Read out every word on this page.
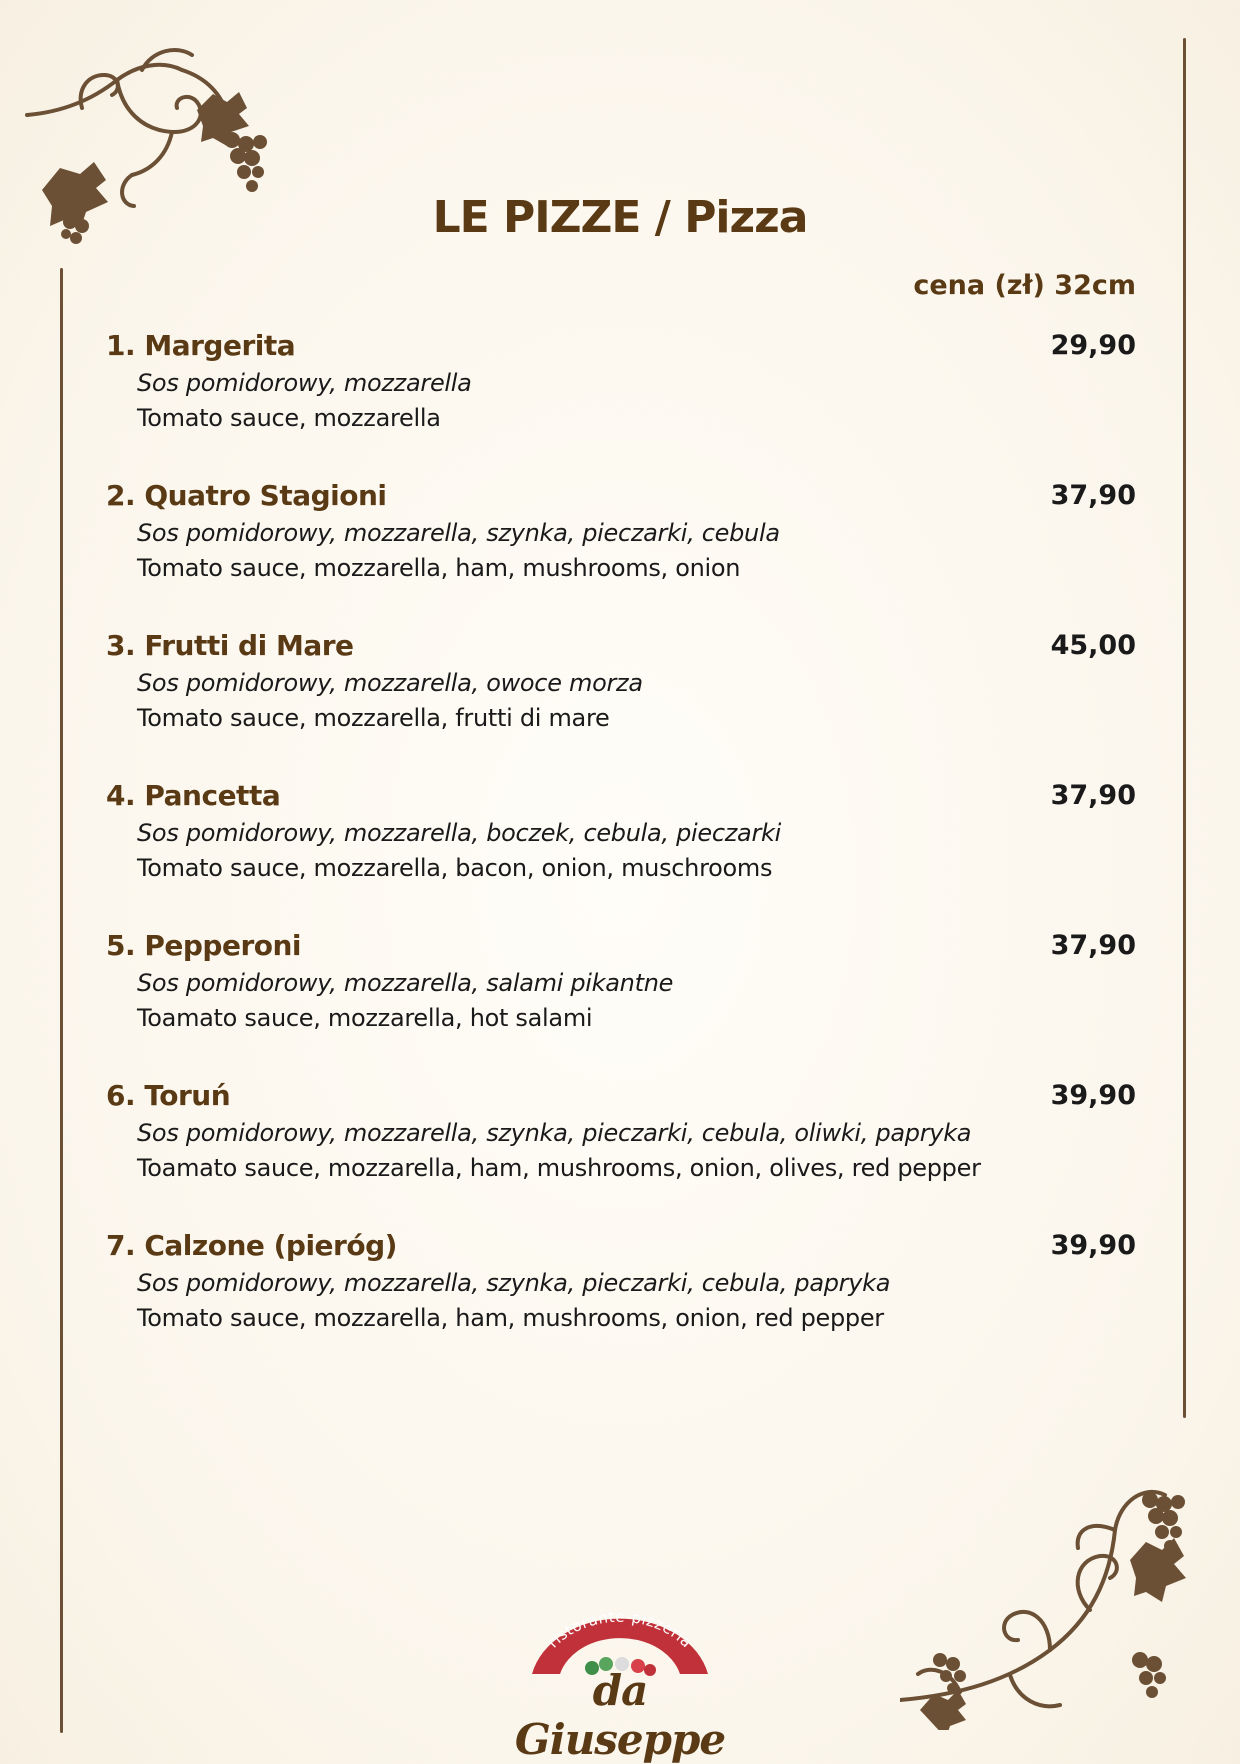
LE PIZZE / Pizza
cena (zł) 32cm
1. Margerita	29,90
Sos pomidorowy, mozzarella
Tomato sauce, mozzarella
2. Quatro Stagioni	37,90
Sos pomidorowy, mozzarella, szynka, pieczarki, cebula
Tomato sauce, mozzarella, ham, mushrooms, onion
3. Frutti di Mare	45,00
Sos pomidorowy, mozzarella, owoce morza
Tomato sauce, mozzarella, frutti di mare
4. Pancetta	37,90
Sos pomidorowy, mozzarella, boczek, cebula, pieczarki
Tomato sauce, mozzarella, bacon, onion, muschrooms
5. Pepperoni	37,90
Sos pomidorowy, mozzarella, salami pikantne
Toamato sauce, mozzarella, hot salami
6. Toruń	39,90
Sos pomidorowy, mozzarella, szynka, pieczarki, cebula, oliwki, papryka
Toamato sauce, mozzarella, ham, mushrooms, onion, olives, red pepper
7. Calzone (pieróg)	39,90
Sos pomidorowy, mozzarella, szynka, pieczarki, cebula, papryka
Tomato sauce, mozzarella, ham, mushrooms, onion, red pepper
ristorante-pizzeria
da Giuseppe
